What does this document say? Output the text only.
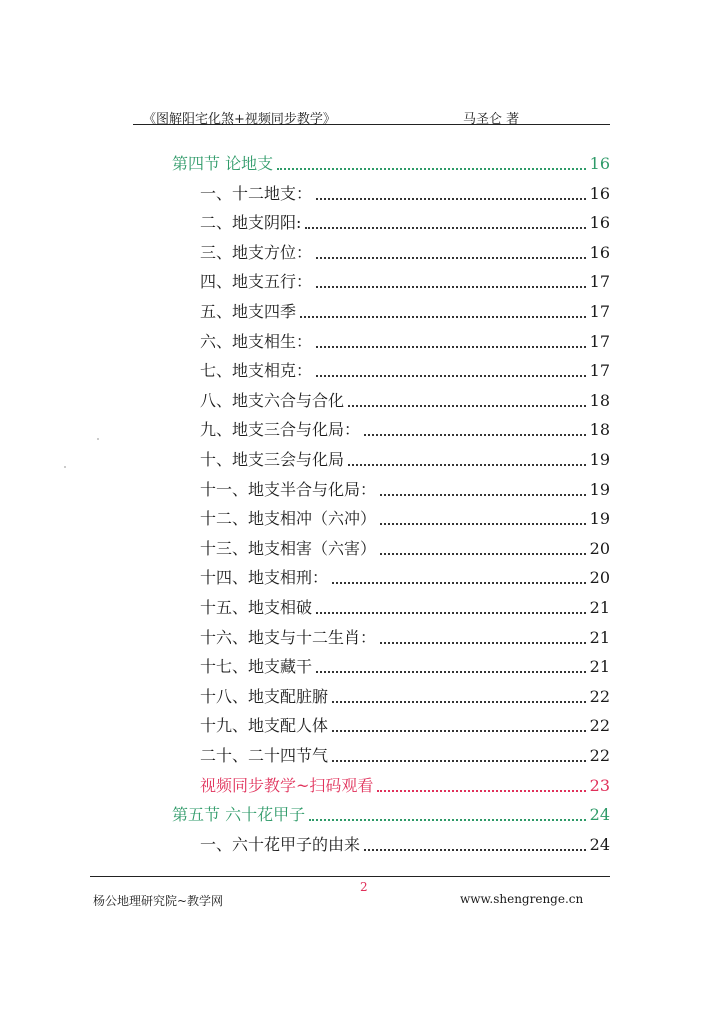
《图解阳宅化煞+视频同步教学》	马圣仑 著
第四节 论地支	16
一、十二地支：	16
二、地支阴阳:	16
三、地支方位：	16
四、地支五行：	17
五、地支四季	17
六、地支相生：	17
七、地支相克：	17
八、地支六合与合化	18
九、地支三合与化局：	18
十、地支三会与化局	19
十一、地支半合与化局：	19
十二、地支相冲（六冲）	19
十三、地支相害（六害）	20
十四、地支相刑：	20
十五、地支相破	21
十六、地支与十二生肖：	21
十七、地支藏干	21
十八、地支配脏腑	22
十九、地支配人体	22
二十、二十四节气	22
视频同步教学~扫码观看	23
第五节 六十花甲子	24
一、六十花甲子的由来	24
2
杨公地理研究院~教学网	www.shengrenge.cn
